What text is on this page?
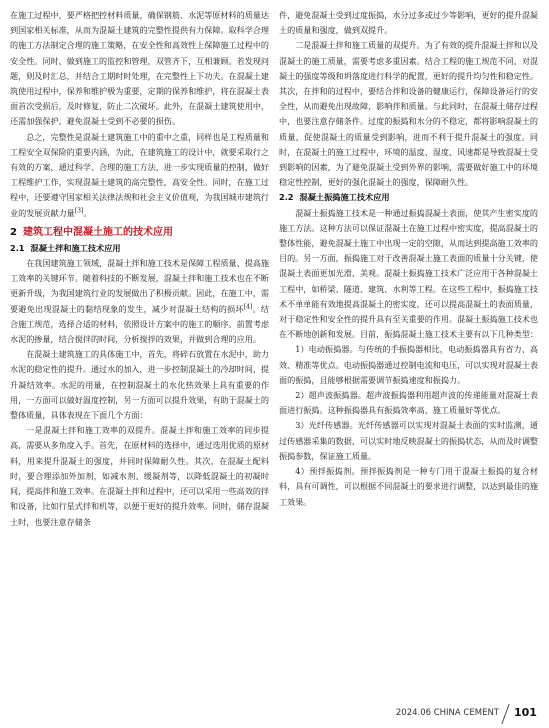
在施工过程中，要严格把控材料质量，确保钢筋、水泥等原材料的质量达到国家相关标准，从而为混凝土建筑的完整性提供有力保障。取科学合理的施工方法制定合理的施工策略，在安全性和高效性上保障施工过程中的安全性。同时，做到施工的监控和管理，双管齐下，互相兼顾。若发现问题，则及时汇总，并结合工期时时处理，在完整性上下功夫。在混凝土建筑使用过程中，保养和维护极为重要，定期的保养和维护，将在混凝土表面首次受损后，及时修复，防止二次破坏。此外，在混凝土建筑使用中，还需加强保护，避免混凝土受到不必要的损伤。

总之，完整性是混凝土建筑施工中的重中之重，同样也是工程质量和工程安全双保险的重要内涵，为此，在建筑施工的设计中，就要采取行之有效的方案，通过科学、合理的施工方法，进一步实现质量的控制，做好工程维护工作，实现混凝土建筑的高完整性，高安全性。同时，在施工过程中，还要遵守国家相关法律法规和社会主义价值观，为我国城市建筑行业的发展贡献力量[3]。

2 建筑工程中混凝土施工的技术应用
2.1 混凝土拌和施工技术应用

在我国建筑施工领域，混凝土拌和施工技术是保障工程质量、提高施工效率的关键环节。随着科技的不断发展，混凝土拌和施工技术也在不断更新升级，为我国建筑行业的发展做出了积极贡献。因此，在施工中，需要避免出现混凝土的黏结现象的发生，减少对混凝土结构的损坏[4]。结合施工规范，选择合适的材料，依照设计方案中的施工的顺序。前置考虑水泥的掺量，结合搅拌的时间，分析搅拌的效果，并做到合理的应用。

在混凝土建筑施工的具体施工中，首先，将碎石放置在水泥中，助力水泥的稳定性的提升。通过水的加入，进一步控制混凝土的冷却时间，提升凝结效率。水泥的用量，在控制混凝土的水化热效果上具有重要的作用，一方面可以做好温度控制，另一方面可以提升效果，有助于混凝土的整体质量，具体表现在下面几个方面：

一是混凝土拌和施工效率的双提升。混凝土拌和施工效率的同步提高，需要从多角度入手。首先，在原材料的选择中，通过选用优质的原材料，用来提升混凝土的强度，并同时保障耐久性。其次，在混凝土配料时，要合理添加外加剂，如减水剂、缓凝剂等，以降低混凝土的初凝时间，提高拌和施工效率。在混凝土拌和过程中，还可以采用一些高效的拌和设备，比如行星式拌和机等，以便于更好的提升效率。同时，储存混凝土时，也要注意存储条

件，避免混凝土受到过度振捣，水分过多或过少等影响，更好的提升混凝土的质量和强度，做到双提升。

二是混凝土拌和施工质量的双提升。为了有效的提升混凝土拌和以及混凝土的施工质量，需要考虑多重因素。结合工程的施工规范不同，对混凝土的强度等级和坍落度进行科学的配置，更好的提升均匀性和稳定性。其次，在拌和的过程中，要结合拌和设备的健康运行，保障设备运行的安全性，从而避免出现故障，影响拌和质量。与此同时，在混凝土储存过程中，也要注意存储条件。过度的振捣和水分的不稳定，都将影响混凝土的质量，促使混凝土的质量受到影响，进而不利于提升混凝土的强度。同时，在混凝土的施工过程中，环境的温度、湿度、风速都是导致混凝土受到影响的因素，为了避免混凝土受到外界的影响，需要做好施工中的环境稳定性控制，更好的强化混凝土的强度，保障耐久性。

2.2 混凝土振捣施工技术应用

混凝土振捣施工技术是一种通过振捣混凝土表面，使其产生密实度的施工方法。这种方法可以保证混凝土在施工过程中密实度，提高混凝土的整体性能，避免混凝土施工中出现一定的空隙，从而达到提高施工效率的目的。另一方面，振捣施工对于改善混凝土施工表面的质量十分关键，使混凝土表面更加光滑、美观。混凝土振捣施工技术广泛应用于各种混凝土工程中，如桥梁、隧道、建筑、水利等工程。在这些工程中，振捣施工技术不单单能有效地提高混凝土的密实度，还可以提高混凝土的表面质量，对于稳定性和安全性的提升具有至关重要的作用。混凝土振捣施工技术也在不断地创新和发展。目前，振捣混凝土施工技术主要有以下几种类型：

1）电动振捣器。与传统的手振捣器相比，电动振捣器具有省力、高效、精准等优点。电动振捣器通过控制电流和电压，可以实现对混凝土表面的振捣，且能够根据需要调节振捣速度和振捣力。

2）超声波振捣器。超声波振捣器利用超声波的传递能量对混凝土表面进行振捣。这种振捣器具有振捣效率高，施工质量好等优点。

3）光纤传感器。光纤传感器可以实现对混凝土表面的实时监测，通过传感器采集的数据，可以实时地反映混凝土的振捣状态，从而及时调整振捣参数，保证施工质量。

4）预拌振捣剂。预拌振捣剂是一种专门用于混凝土振捣的复合材料，具有可调性，可以根据不同混凝土的要求进行调整，以达到最佳的施工效果。

2024.06 CHINA CEMENT 101
